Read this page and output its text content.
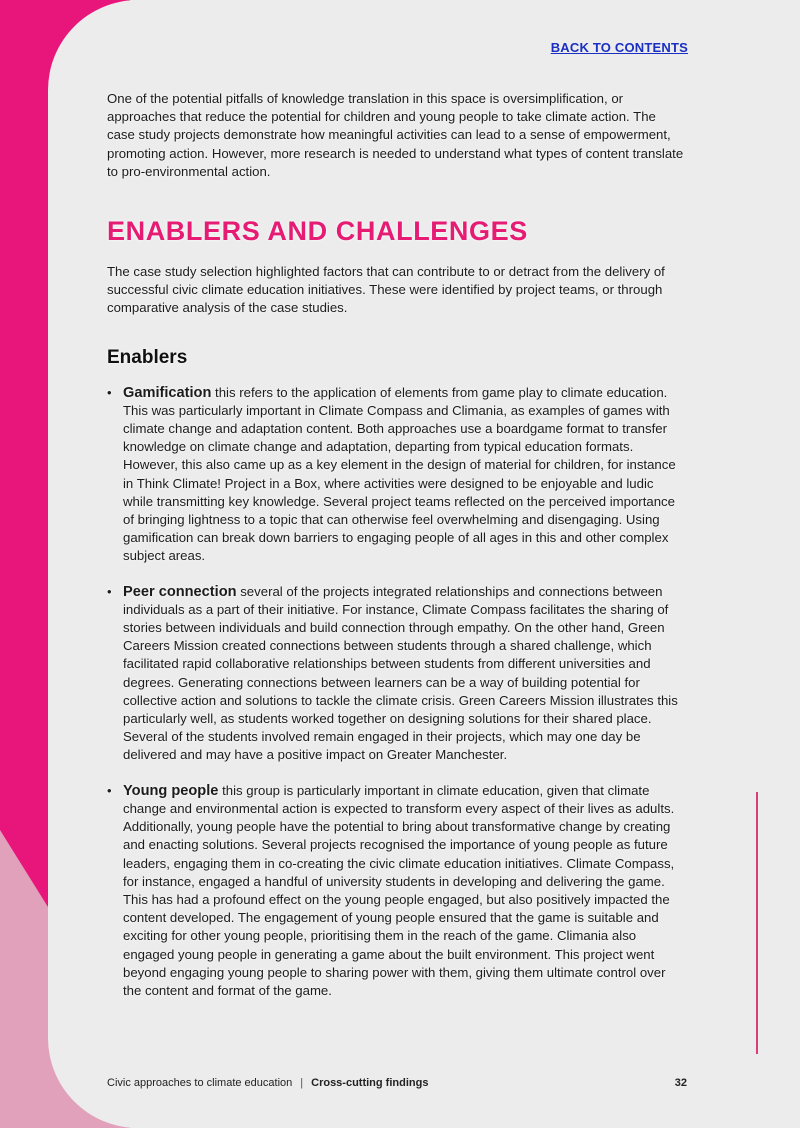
BACK TO CONTENTS

One of the potential pitfalls of knowledge translation in this space is oversimplification, or approaches that reduce the potential for children and young people to take climate action. The case study projects demonstrate how meaningful activities can lead to a sense of empowerment, promoting action. However, more research is needed to understand what types of content translate to pro-environmental action.

ENABLERS AND CHALLENGES

The case study selection highlighted factors that can contribute to or detract from the delivery of successful civic climate education initiatives. These were identified by project teams, or through comparative analysis of the case studies.

Enablers
• Gamification this refers to the application of elements from game play to climate education. This was particularly important in Climate Compass and Climania, as examples of games with climate change and adaptation content. Both approaches use a boardgame format to transfer knowledge on climate change and adaptation, departing from typical education formats. However, this also came up as a key element in the design of material for children, for instance in Think Climate! Project in a Box, where activities were designed to be enjoyable and ludic while transmitting key knowledge. Several project teams reflected on the perceived importance of bringing lightness to a topic that can otherwise feel overwhelming and disengaging. Using gamification can break down barriers to engaging people of all ages in this and other complex subject areas.
• Peer connection several of the projects integrated relationships and connections between individuals as a part of their initiative. For instance, Climate Compass facilitates the sharing of stories between individuals and build connection through empathy. On the other hand, Green Careers Mission created connections between students through a shared challenge, which facilitated rapid collaborative relationships between students from different universities and degrees. Generating connections between learners can be a way of building potential for collective action and solutions to tackle the climate crisis. Green Careers Mission illustrates this particularly well, as students worked together on designing solutions for their shared place. Several of the students involved remain engaged in their projects, which may one day be delivered and may have a positive impact on Greater Manchester.
• Young people this group is particularly important in climate education, given that climate change and environmental action is expected to transform every aspect of their lives as adults. Additionally, young people have the potential to bring about transformative change by creating and enacting solutions. Several projects recognised the importance of young people as future leaders, engaging them in co-creating the civic climate education initiatives. Climate Compass, for instance, engaged a handful of university students in developing and delivering the game. This has had a profound effect on the young people engaged, but also positively impacted the content developed. The engagement of young people ensured that the game is suitable and exciting for other young people, prioritising them in the reach of the game. Climania also engaged young people in generating a game about the built environment. This project went beyond engaging young people to sharing power with them, giving them ultimate control over the content and format of the game.
Civic approaches to climate education | Cross-cutting findings	32
